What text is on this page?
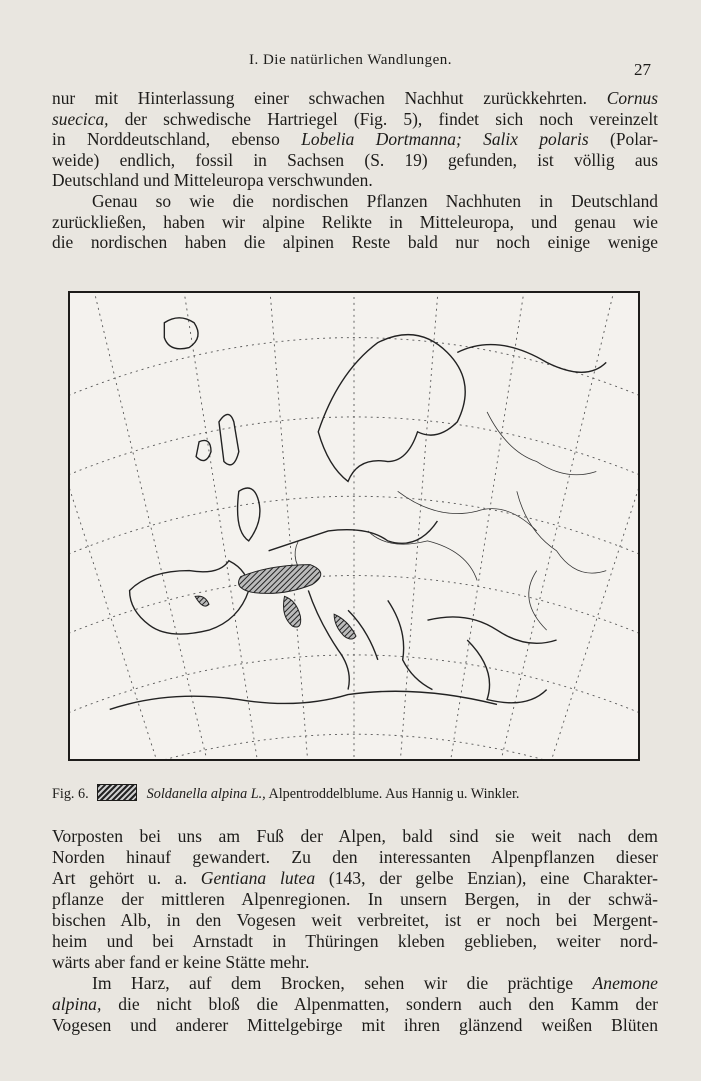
I. Die natürlichen Wandlungen.	27
nur mit Hinterlassung einer schwachen Nachhut zurückkehrten. Cornus
suecica, der schwedische Hartriegel (Fig. 5), findet sich noch vereinzelt
in Norddeutschland, ebenso Lobelia Dortmanna; Salix polaris (Polar-
weide) endlich, fossil in Sachsen (S. 19) gefunden, ist völlig aus
Deutschland und Mitteleuropa verschwunden.
Genau so wie die nordischen Pflanzen Nachhuten in Deutschland
zurückließen, haben wir alpine Relikte in Mitteleuropa, und genau wie
die nordischen haben die alpinen Reste bald nur noch einige wenige
Fig. 6.	Soldanella alpina L., Alpentroddelblume. Aus Hannig u. Winkler.
Vorposten bei uns am Fuß der Alpen, bald sind sie weit nach dem
Norden hinauf gewandert. Zu den interessanten Alpenpflanzen dieser
Art gehört u. a. Gentiana lutea (143, der gelbe Enzian), eine Charakter-
pflanze der mittleren Alpenregionen. In unsern Bergen, in der schwä-
bischen Alb, in den Vogesen weit verbreitet, ist er noch bei Mergent-
heim und bei Arnstadt in Thüringen kleben geblieben, weiter nord-
wärts aber fand er keine Stätte mehr.
Im Harz, auf dem Brocken, sehen wir die prächtige Anemone
alpina, die nicht bloß die Alpenmatten, sondern auch den Kamm der
Vogesen und anderer Mittelgebirge mit ihren glänzend weißen Blüten
